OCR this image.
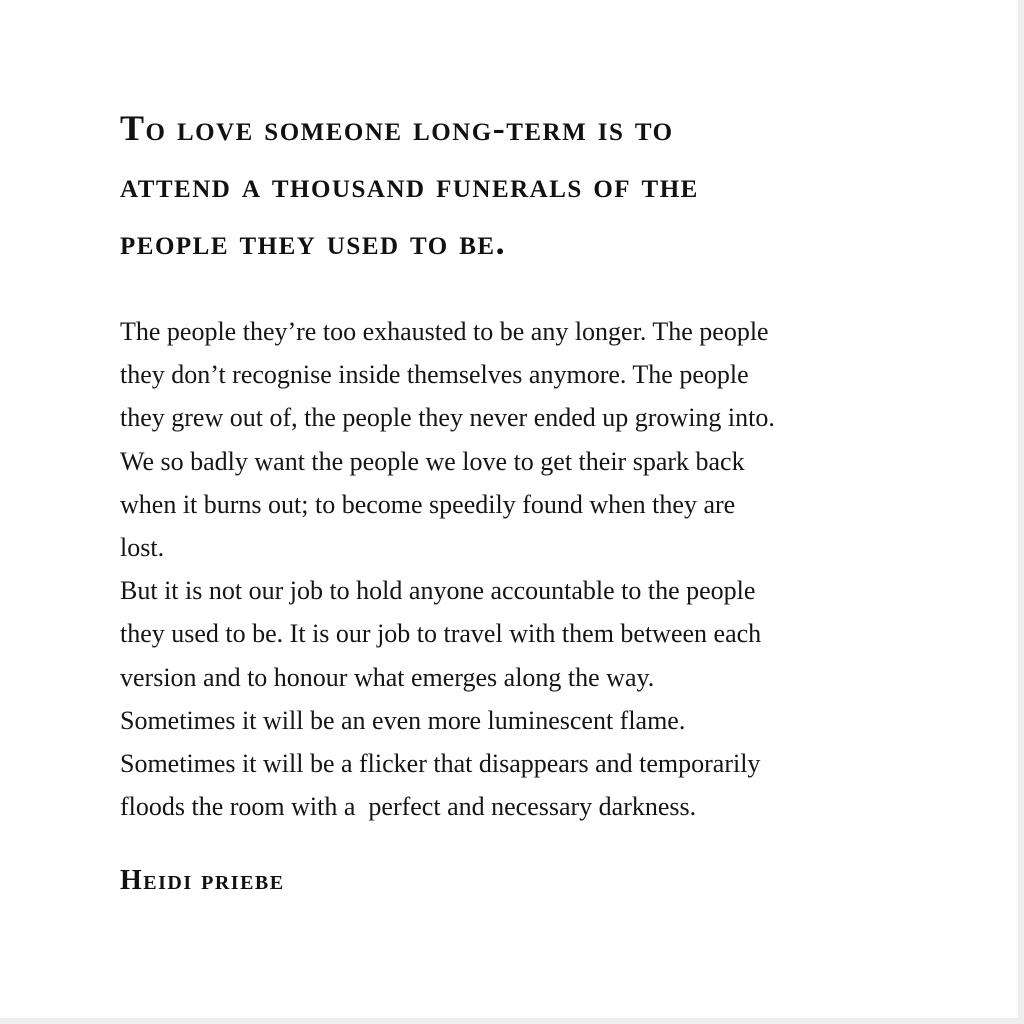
To love someone long-term is to
attend a thousand funerals of the
people they used to be.
The people they’re too exhausted to be any longer. The people
they don’t recognise inside themselves anymore. The people
they grew out of, the people they never ended up growing into.
We so badly want the people we love to get their spark back
when it burns out; to become speedily found when they are
lost.
But it is not our job to hold anyone accountable to the people
they used to be. It is our job to travel with them between each
version and to honour what emerges along the way.
Sometimes it will be an even more luminescent flame.
Sometimes it will be a flicker that disappears and temporarily
floods the room with a  perfect and necessary darkness.
Heidi priebe
